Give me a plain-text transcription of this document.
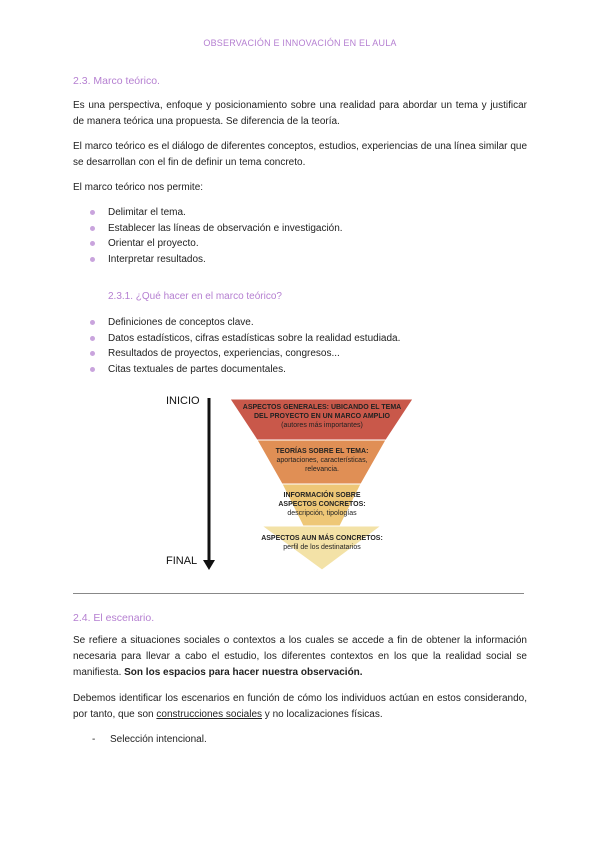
OBSERVACIÓN E INNOVACIÓN EN EL AULA
2.3. Marco teórico.

Es una perspectiva, enfoque y posicionamiento sobre una realidad para abordar un tema y justificar de manera teórica una propuesta. Se diferencia de la teoría.

El marco teórico es el diálogo de diferentes conceptos, estudios, experiencias de una línea similar que se desarrollan con el fin de definir un tema concreto.

El marco teórico nos permite:

Delimitar el tema.
Establecer las líneas de observación e investigación.
Orientar el proyecto.
Interpretar resultados.
2.3.1. ¿Qué hacer en el marco teórico?
Definiciones de conceptos clave.
Datos estadísticos, cifras estadísticas sobre la realidad estudiada.
Resultados de proyectos, experiencias, congresos...
Citas textuales de partes documentales.
INICIO
FINAL
ASPECTOS GENERALES: UBICANDO EL TEMA
DEL PROYECTO EN UN MARCO AMPLIO
(autores más importantes)
TEORÍAS SOBRE EL TEMA:
aportaciones, características,
relevancia.
INFORMACIÓN SOBRE
ASPECTOS CONCRETOS:
descripción, tipologías
ASPECTOS AUN MÁS CONCRETOS:
perfil de los destinatarios
2.4. El escenario.

Se refiere a situaciones sociales o contextos a los cuales se accede a fin de obtener la información necesaria para llevar a cabo el estudio, los diferentes contextos en los que la realidad social se manifiesta. Son los espacios para hacer nuestra observación.

Debemos identificar los escenarios en función de cómo los individuos actúan en estos considerando, por tanto, que son construcciones sociales y no localizaciones físicas.

- Selección intencional.
